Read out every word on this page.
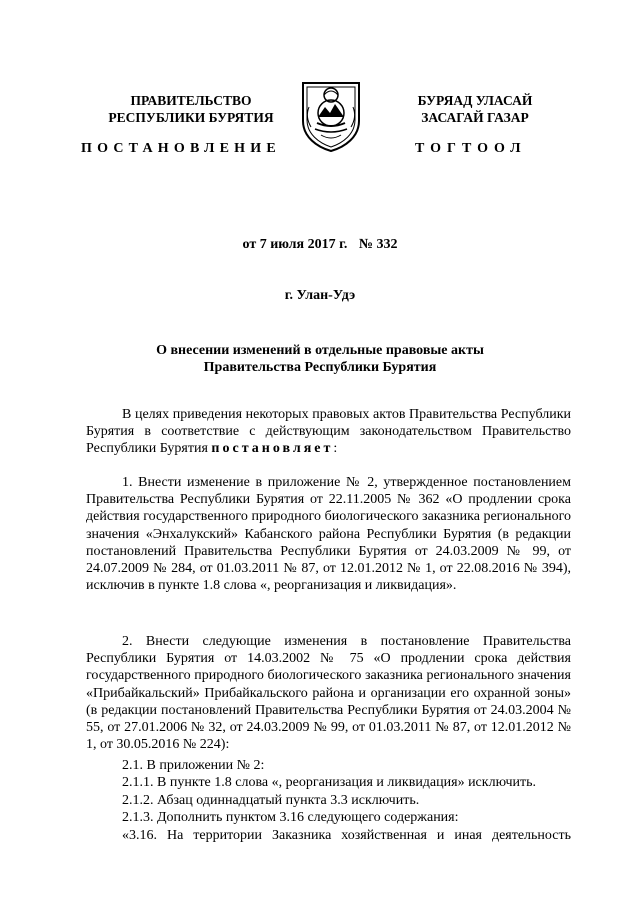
ПРАВИТЕЛЬСТВО
РЕСПУБЛИКИ БУРЯТИЯ
БУРЯАД УЛАСАЙ
ЗАСАГАЙ ГАЗАР
ПОСТАНОВЛЕНИЕ	ТОГТООЛ
от 7 июля 2017 г. № 332
г. Улан-Удэ
О внесении изменений в отдельные правовые акты
Правительства Республики Бурятия

В целях приведения некоторых правовых актов Правительства Республики Бурятия в соответствие с действующим законодательством Правительство Республики Бурятия постановляет:

1. Внести изменение в приложение № 2, утвержденное постановлением Правительства Республики Бурятия от 22.11.2005 № 362 «О продлении срока действия государственного природного биологического заказника регионального значения «Энхалукский» Кабанского района Республики Бурятия (в редакции постановлений Правительства Республики Бурятия от 24.03.2009 № 99, от 24.07.2009 № 284, от 01.03.2011 № 87, от 12.01.2012 № 1, от 22.08.2016 № 394), исключив в пункте 1.8 слова «, реорганизация и ликвидация».

2. Внести следующие изменения в постановление Правительства Республики Бурятия от 14.03.2002 № 75 «О продлении срока действия государственного природного биологического заказника регионального значения «Прибайкальский» Прибайкальского района и организации его охранной зоны» (в редакции постановлений Правительства Республики Бурятия от 24.03.2004 № 55, от 27.01.2006 № 32, от 24.03.2009 № 99, от 01.03.2011 № 87, от 12.01.2012 № 1, от 30.05.2016 № 224):

2.1. В приложении № 2:
2.1.1. В пункте 1.8 слова «, реорганизация и ликвидация» исключить.
2.1.2. Абзац одиннадцатый пункта 3.3 исключить.
2.1.3. Дополнить пунктом 3.16 следующего содержания:

«3.16. На территории Заказника хозяйственная и иная деятельность
